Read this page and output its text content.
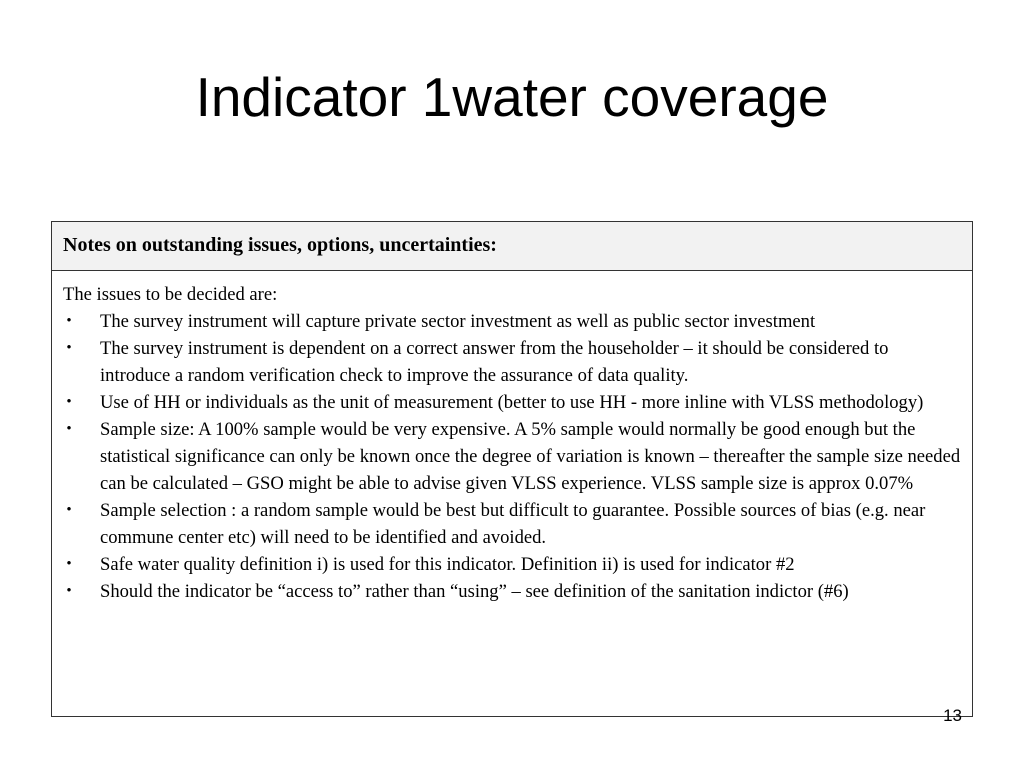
Indicator 1water coverage
Notes on outstanding issues, options, uncertainties:

The issues to be decided are:

• The survey instrument will capture private sector investment as well as public sector investment
• The survey instrument is dependent on a correct answer from the householder – it should be considered to introduce a random verification check to improve the assurance of data quality.
• Use of HH or individuals as the unit of measurement (better to use HH - more inline with VLSS methodology)
• Sample size: A 100% sample would be very expensive. A 5% sample would normally be good enough but the statistical significance can only be known once the degree of variation is known – thereafter the sample size needed can be calculated – GSO might be able to advise given VLSS experience. VLSS sample size is approx 0.07%
• Sample selection : a random sample would be best but difficult to guarantee. Possible sources of bias (e.g. near commune center etc) will need to be identified and avoided.
• Safe water quality definition i) is used for this indicator. Definition ii) is used for indicator #2
• Should the indicator be “access to” rather than “using” – see definition of the sanitation indictor (#6)
13
